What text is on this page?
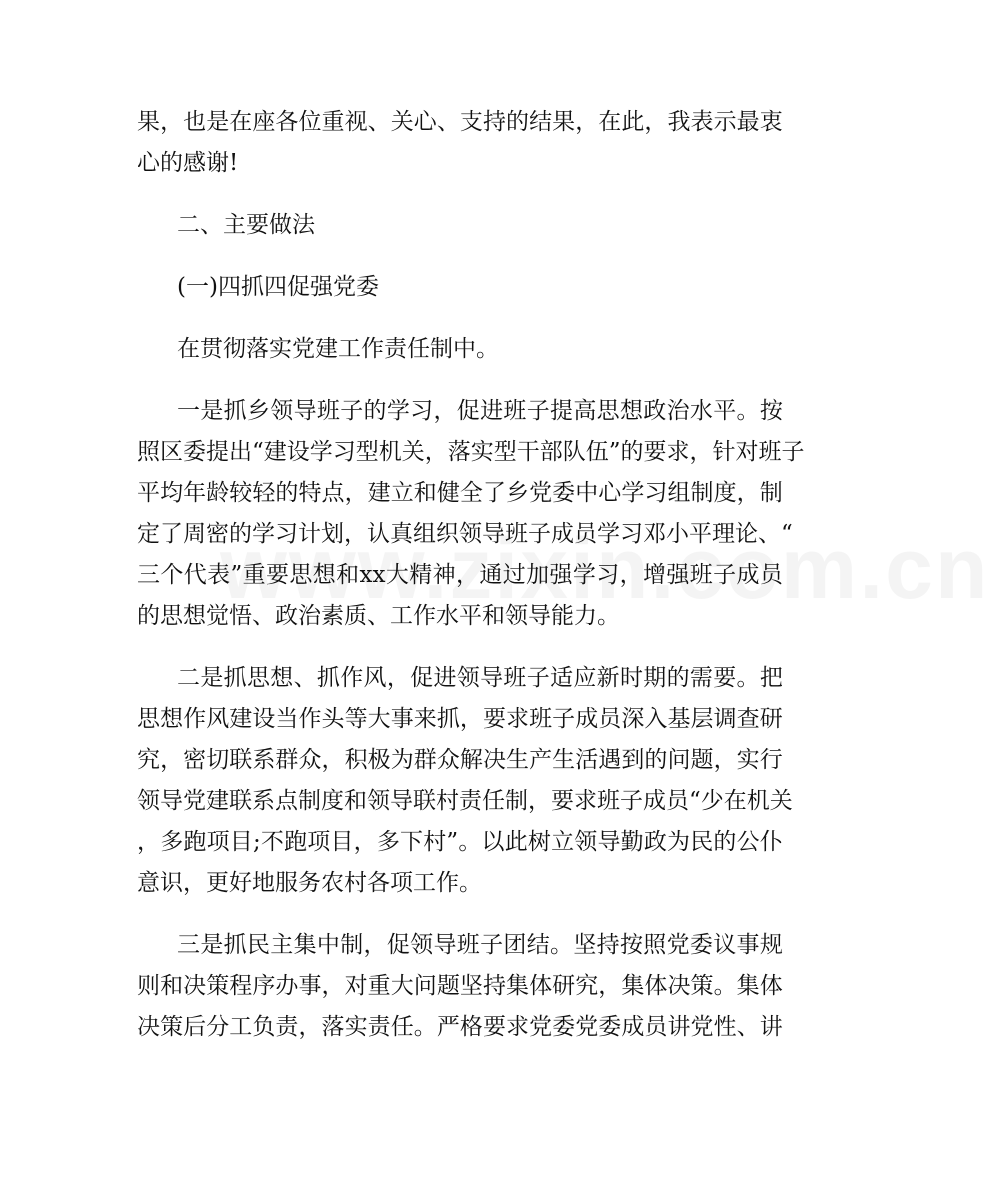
果 ， 也 是 在 座 各 位 重 视 、 关 心 、 支 持 的 结 果 ， 在 此 ， 我 表 示 最 衷
心的感谢!
二、主要做法
(一)四抓四促强党委
在贯彻落实党建工作责任制中。
一 是 抓 乡 领 导 班 子 的 学 习 ， 促 进 班 子 提 高 思 想 政 治 水 平 。 按
照 区 委 提 出 “ 建 设 学 习 型 机 关 ， 落 实 型 干 部 队 伍 ” 的 要 求 ， 针 对 班 子
平 均 年 龄 较 轻 的 特 点 ， 建 立 和 健 全 了 乡 党 委 中 心 学 习 组 制 度 ， 制
定 了 周 密 的 学 习 计 划 ， 认 真 组 织 领 导 班 子 成 员 学 习 邓 小 平 理 论 、 “
三 个 代 表 ” 重 要 思 想 和 xx 大 精 神 ， 通 过 加 强 学 习 ， 增 强 班 子 成 员
的思想觉悟、政治素质、工作水平和领导能力。
二 是 抓 思 想 、 抓 作 风 ， 促 进 领 导 班 子 适 应 新 时 期 的 需 要 。 把
思 想 作 风 建 设 当 作 头 等 大 事 来 抓 ， 要 求 班 子 成 员 深 入 基 层 调 查 研
究 ， 密 切 联 系 群 众 ， 积 极 为 群 众 解 决 生 产 生 活 遇 到 的 问 题 ， 实 行
领 导 党 建 联 系 点 制 度 和 领 导 联 村 责 任 制 ， 要 求 班 子 成 员 “ 少 在 机 关
， 多 跑 项 目 ; 不 跑 项 目 ， 多 下 村 ” 。 以 此 树 立 领 导 勤 政 为 民 的 公 仆
意识，更好地服务农村各项工作。
三 是 抓 民 主 集 中 制 ， 促 领 导 班 子 团 结 。 坚 持 按 照 党 委 议 事 规
则 和 决 策 程 序 办 事 ， 对 重 大 问 题 坚 持 集 体 研 究 ， 集 体 决 策 。 集 体
决 策 后 分 工 负 责 ， 落 实 责 任 。 严 格 要 求 党 委 党 委 成 员 讲 党 性 、 讲
